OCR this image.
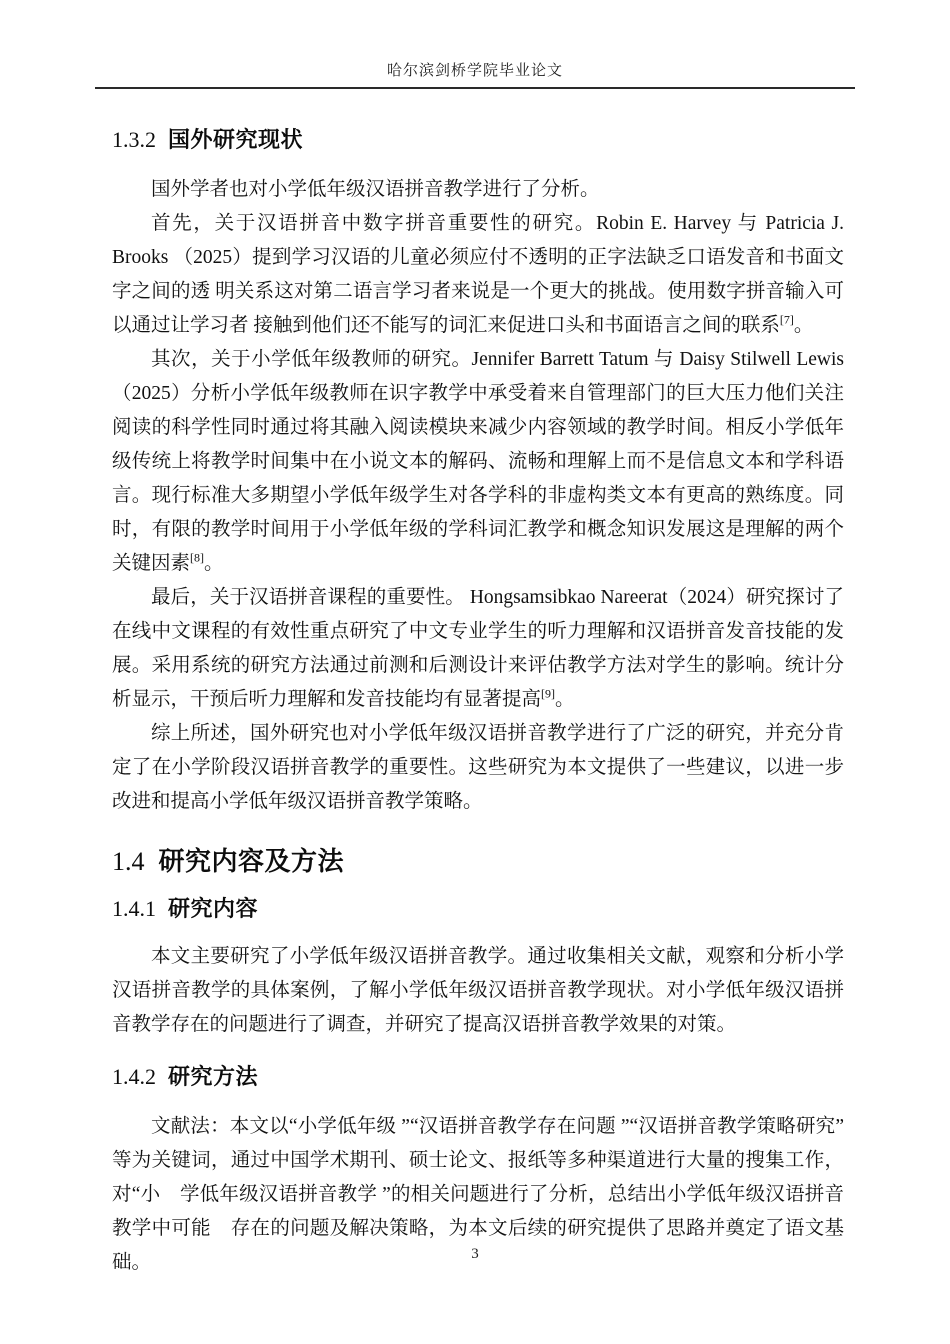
哈尔滨剑桥学院毕业论文
1.3.2 国外研究现状

国外学者也对小学低年级汉语拼音教学进行了分析。

首先，关于汉语拼音中数字拼音重要性的研究。Robin E. Harvey 与 Patricia J. Brooks （2025）提到学习汉语的儿童必须应付不透明的正字法缺乏口语发音和书面文字之间的透 明关系这对第二语言学习者来说是一个更大的挑战。使用数字拼音输入可以通过让学习者 接触到他们还不能写的词汇来促进口头和书面语言之间的联系[7]。

其次，关于小学低年级教师的研究。Jennifer Barrett Tatum 与 Daisy Stilwell Lewis（2025）分析小学低年级教师在识字教学中承受着来自管理部门的巨大压力他们关注阅读的科学性同时通过将其融入阅读模块来减少内容领域的教学时间。相反小学低年级传统上将教学时间集中在小说文本的解码、流畅和理解上而不是信息文本和学科语言。现行标准大多期望小学低年级学生对各学科的非虚构类文本有更高的熟练度。同时，有限的教学时间用于小学低年级的学科词汇教学和概念知识发展这是理解的两个关键因素[8]。

最后，关于汉语拼音课程的重要性。 Hongsamsibkao Nareerat（2024）研究探讨了在线中文课程的有效性重点研究了中文专业学生的听力理解和汉语拼音发音技能的发展。采用系统的研究方法通过前测和后测设计来评估教学方法对学生的影响。统计分析显示，干预后听力理解和发音技能均有显著提高[9]。

综上所述，国外研究也对小学低年级汉语拼音教学进行了广泛的研究，并充分肯定了在小学阶段汉语拼音教学的重要性。这些研究为本文提供了一些建议，以进一步改进和提高小学低年级汉语拼音教学策略。

1.4 研究内容及方法
1.4.1 研究内容

本文主要研究了小学低年级汉语拼音教学。通过收集相关文献，观察和分析小学汉语拼音教学的具体案例，了解小学低年级汉语拼音教学现状。对小学低年级汉语拼音教学存在的问题进行了调查，并研究了提高汉语拼音教学效果的对策。

1.4.2 研究方法

文献法：本文以“小学低年级 ”“汉语拼音教学存在问题 ”“汉语拼音教学策略研究” 等为关键词，通过中国学术期刊、硕士论文、报纸等多种渠道进行大量的搜集工作，对“小　学低年级汉语拼音教学 ”的相关问题进行了分析，总结出小学低年级汉语拼音教学中可能　存在的问题及解决策略，为本文后续的研究提供了思路并奠定了语文基础。	3
